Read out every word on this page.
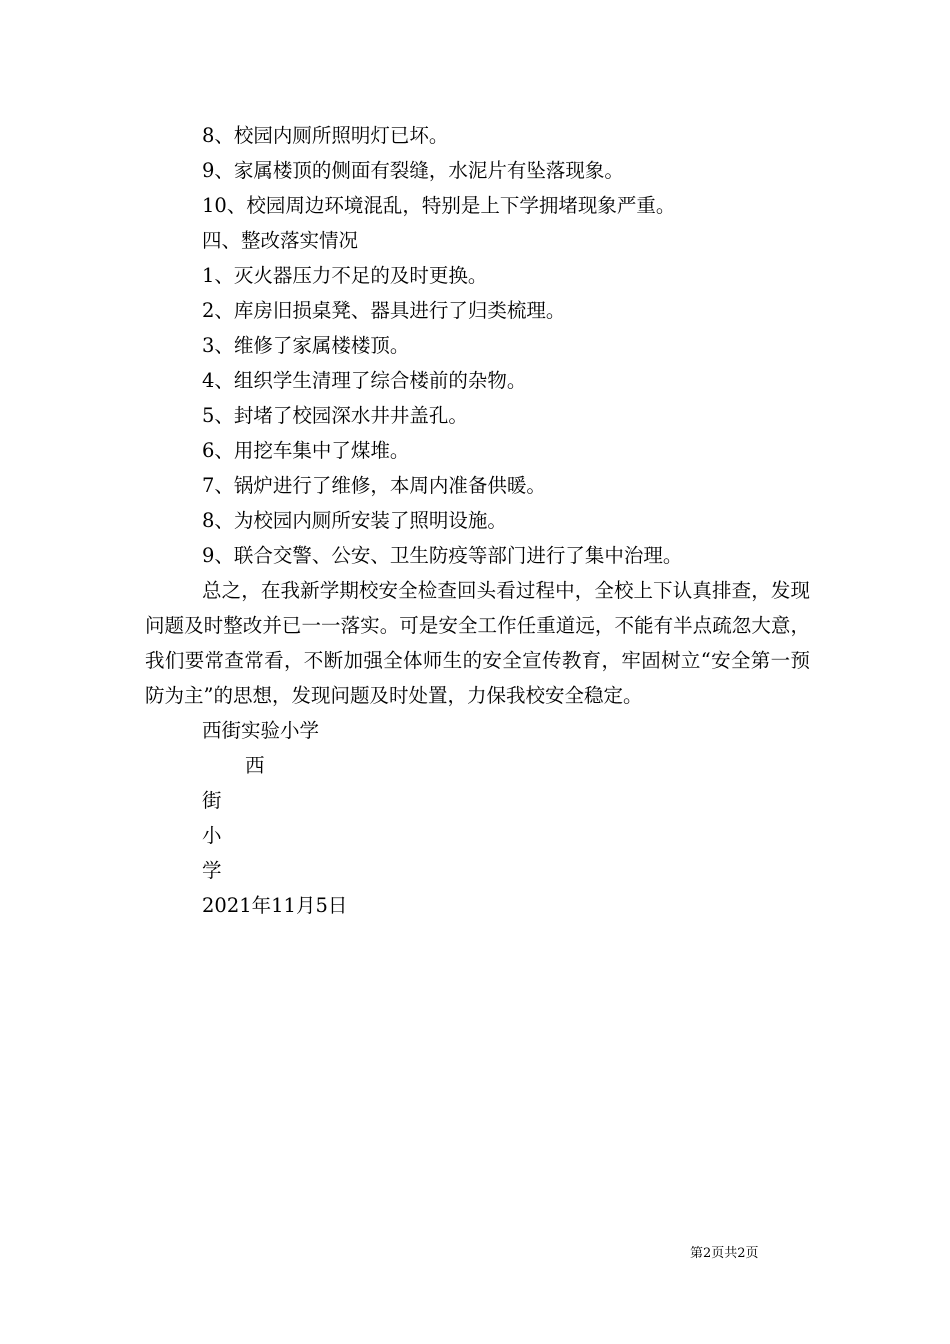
8、校园内厕所照明灯已坏。

9、家属楼顶的侧面有裂缝，水泥片有坠落现象。

10、校园周边环境混乱，特别是上下学拥堵现象严重。

四、整改落实情况

1、灭火器压力不足的及时更换。

2、库房旧损桌凳、器具进行了归类梳理。

3、维修了家属楼楼顶。

4、组织学生清理了综合楼前的杂物。

5、封堵了校园深水井井盖孔。

6、用挖车集中了煤堆。

7、锅炉进行了维修，本周内准备供暖。

8、为校园内厕所安装了照明设施。

9、联合交警、公安、卫生防疫等部门进行了集中治理。

总之，在我新学期校安全检查回头看过程中，全校上下认真排查，发现问题及时整改并已一一落实。可是安全工作任重道远，不能有半点疏忽大意，我们要常查常看，不断加强全体师生的安全宣传教育，牢固树立“安全第一预防为主”的思想，发现问题及时处置，力保我校安全稳定。

西街实验小学

西

街

小

学

2021年11月5日

第2页共2页
